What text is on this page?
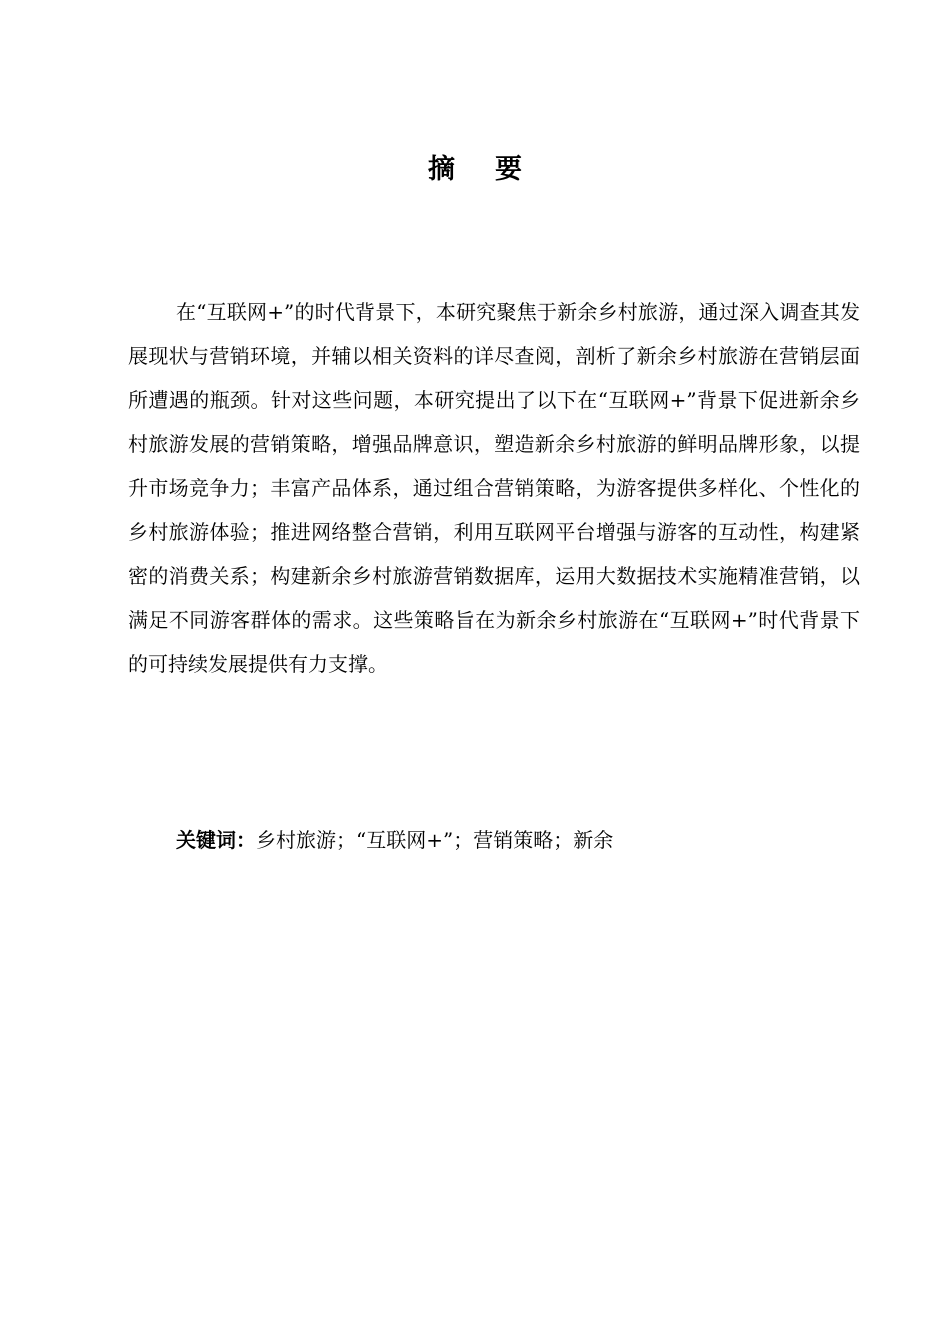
摘 要

在“互联网+”的时代背景下，本研究聚焦于新余乡村旅游，通过深入调查其发展现状与营销环境，并辅以相关资料的详尽查阅，剖析了新余乡村旅游在营销层面所遭遇的瓶颈。针对这些问题，本研究提出了以下在“互联网+”背景下促进新余乡村旅游发展的营销策略，增强品牌意识，塑造新余乡村旅游的鲜明品牌形象，以提升市场竞争力；丰富产品体系，通过组合营销策略，为游客提供多样化、个性化的乡村旅游体验；推进网络整合营销，利用互联网平台增强与游客的互动性，构建紧密的消费关系；构建新余乡村旅游营销数据库，运用大数据技术实施精准营销，以满足不同游客群体的需求。这些策略旨在为新余乡村旅游在“互联网+”时代背景下的可持续发展提供有力支撑。

关键词：乡村旅游；“互联网+”；营销策略；新余
